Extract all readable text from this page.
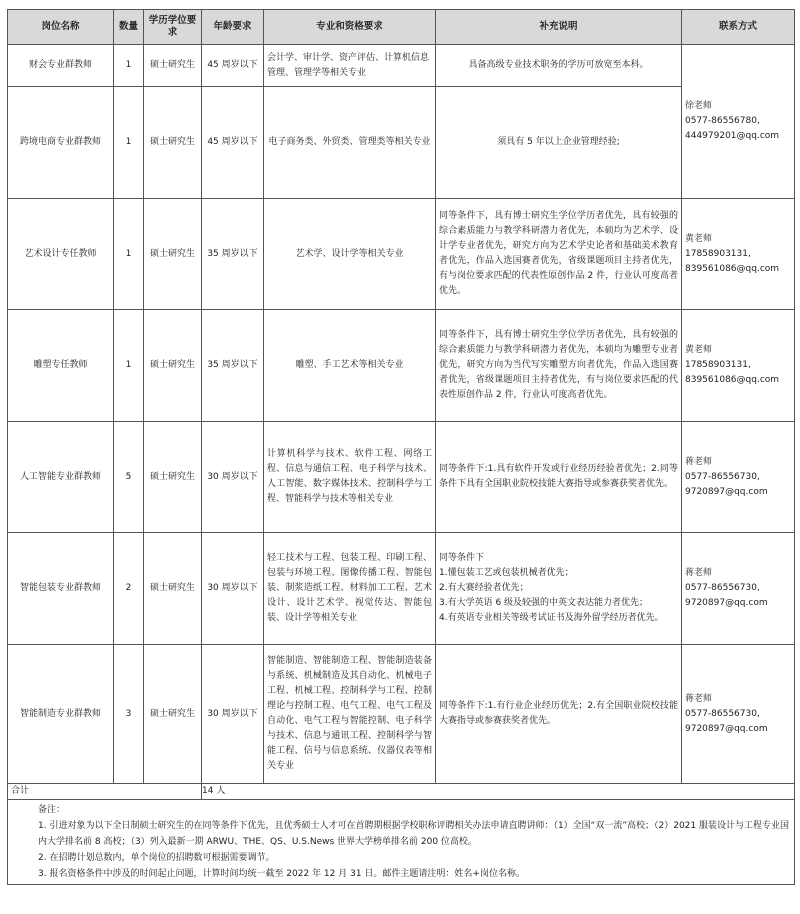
岗位名称	数量	学历学位要求	年龄要求	专业和资格要求	补充说明	联系方式
财会专业群教师	1	硕士研究生	45 周岁以下	会计学、审计学、资产评估、计算机信息管理、管理学等相关专业	具备高级专业技术职务的学历可放宽至本科。	徐老师
0577-86556780,
444979201@qq.com
跨境电商专业群教师	1	硕士研究生	45 周岁以下	电子商务类、外贸类、管理类等相关专业	须具有 5 年以上企业管理经验;	
艺术设计专任教师	1	硕士研究生	35 周岁以下	艺术学、设计学等相关专业	同等条件下，具有博士研究生学位学历者优先，具有较强的综合素质能力与教学科研潜力者优先，本硕均为艺术学、设计学专业者优先，研究方向为艺术学史论者和基础美术教育者优先，作品入选国赛者优先，省级课题项目主持者优先，有与岗位要求匹配的代表性原创作品 2 件，行业认可度高者优先。	黄老师
17858903131,
839561086@qq.com
雕塑专任教师	1	硕士研究生	35 周岁以下	雕塑、手工艺术等相关专业	同等条件下，具有博士研究生学位学历者优先，具有较强的综合素质能力与教学科研潜力者优先，本硕均为雕塑专业者优先，研究方向为当代写实雕塑方向者优先，作品入选国赛者优先，省级课题项目主持者优先，有与岗位要求匹配的代表性原创作品 2 件，行业认可度高者优先。	黄老师
17858903131,
839561086@qq.com
人工智能专业群教师	5	硕士研究生	30 周岁以下	计算机科学与技术、软件工程、网络工程、信息与通信工程、电子科学与技术、人工智能、数字媒体技术、控制科学与工程、智能科学与技术等相关专业	同等条件下:1.具有软件开发或行业经历经验者优先；2.同等条件下具有全国职业院校技能大赛指导或参赛获奖者优先。	蒋老师
0577-86556730,
9720897@qq.com
智能包装专业群教师	2	硕士研究生	30 周岁以下	轻工技术与工程、包装工程、印刷工程、包装与环境工程、图像传播工程、智能包装、制浆造纸工程、材料加工工程、艺术设计、设计艺术学、视觉传达、智能包装、设计学等相关专业	同等条件下
1.懂包装工艺或包装机械者优先；
2.有大赛经验者优先；
3.有大学英语 6 级及较强的中英文表达能力者优先；
4.有英语专业相关等级考试证书及海外留学经历者优先。	蒋老师
0577-86556730,
9720897@qq.com
智能制造专业群教师	3	硕士研究生	30 周岁以下	智能制造、智能制造工程、智能制造装备与系统、机械制造及其自动化、机械电子工程、机械工程、控制科学与工程、控制理论与控制工程、电气工程、电气工程及自动化、电气工程与智能控制、电子科学与技术、信息与通讯工程、控制科学与智能工程、信号与信息系统、仪器仪表等相关专业	同等条件下:1.有行业企业经历优先；2.有全国职业院校技能大赛指导或参赛获奖者优先。	蒋老师
0577-86556730,
9720897@qq.com
合计			14 人			

备注：
1. 引进对象为以下全日制硕士研究生的在同等条件下优先，且优秀硕士人才可在首聘期根据学校职称评聘相关办法申请直聘讲师：（1）全国“双一流”高校；（2）2021 服装设计与工程专业国内大学排名前 8 高校；（3）列入最新一期 ARWU、THE、QS、U.S.News 世界大学榜单排名前 200 位高校。
2. 在招聘计划总数内，单个岗位的招聘数可根据需要调节。
3. 报名资格条件中涉及的时间起止问题，计算时间均统一截至 2022 年 12 月 31 日。邮件主题请注明：姓名+岗位名称。						
